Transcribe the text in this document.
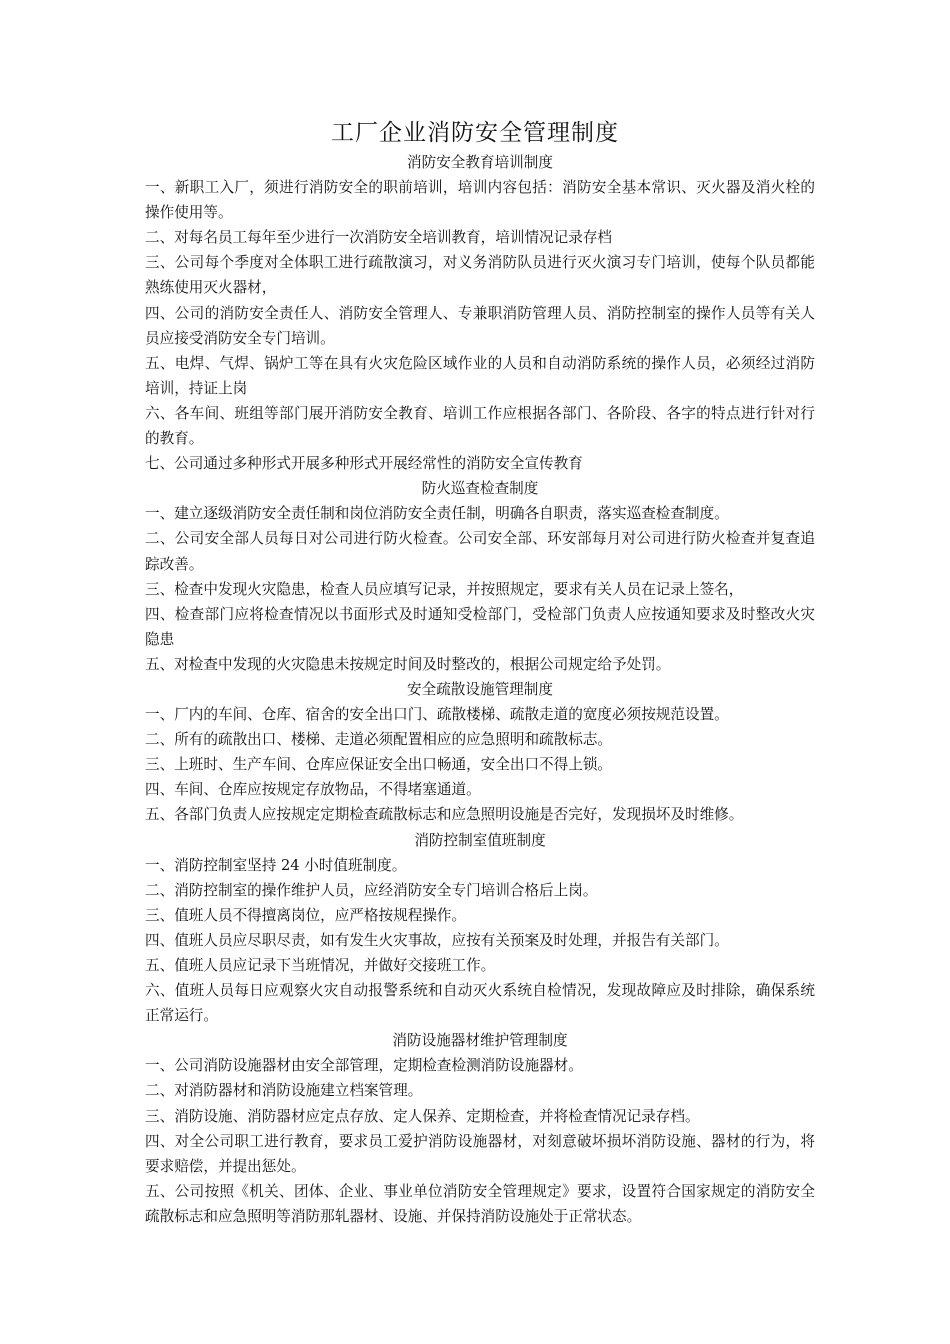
工厂企业消防安全管理制度

消防安全教育培训制度

一、新职工入厂，须进行消防安全的职前培训，培训内容包括：消防安全基本常识、灭火器及消火栓的操作使用等。

二、对每名员工每年至少进行一次消防安全培训教育，培训情况记录存档

三、公司每个季度对全体职工进行疏散演习，对义务消防队员进行灭火演习专门培训，使每个队员都能熟练使用灭火器材，

四、公司的消防安全责任人、消防安全管理人、专兼职消防管理人员、消防控制室的操作人员等有关人员应接受消防安全专门培训。

五、电焊、气焊、锅炉工等在具有火灾危险区域作业的人员和自动消防系统的操作人员，必须经过消防培训，持证上岗

六、各车间、班组等部门展开消防安全教育、培训工作应根据各部门、各阶段、各字的特点进行针对行的教育。

七、公司通过多种形式开展多种形式开展经常性的消防安全宣传教育

防火巡查检查制度

一、建立逐级消防安全责任制和岗位消防安全责任制，明确各自职责，落实巡查检查制度。

二、公司安全部人员每日对公司进行防火检查。公司安全部、环安部每月对公司进行防火检查并复查追踪改善。

三、检查中发现火灾隐患，检查人员应填写记录，并按照规定，要求有关人员在记录上签名，

四、检查部门应将检查情况以书面形式及时通知受检部门，受检部门负责人应按通知要求及时整改火灾隐患

五、对检查中发现的火灾隐患未按规定时间及时整改的，根据公司规定给予处罚。

安全疏散设施管理制度

一、厂内的车间、仓库、宿舍的安全出口门、疏散楼梯、疏散走道的宽度必须按规范设置。

二、所有的疏散出口、楼梯、走道必须配置相应的应急照明和疏散标志。

三、上班时、生产车间、仓库应保证安全出口畅通，安全出口不得上锁。

四、车间、仓库应按规定存放物品，不得堵塞通道。

五、各部门负责人应按规定定期检查疏散标志和应急照明设施是否完好，发现损坏及时维修。

消防控制室值班制度

一、消防控制室坚持 24 小时值班制度。

二、消防控制室的操作维护人员，应经消防安全专门培训合格后上岗。

三、值班人员不得擅离岗位，应严格按规程操作。

四、值班人员应尽职尽责，如有发生火灾事故，应按有关预案及时处理，并报告有关部门。

五、值班人员应记录下当班情况，并做好交接班工作。

六、值班人员每日应观察火灾自动报警系统和自动灭火系统自检情况，发现故障应及时排除，确保系统正常运行。

消防设施器材维护管理制度

一、公司消防设施器材由安全部管理，定期检查检测消防设施器材。

二、对消防器材和消防设施建立档案管理。

三、消防设施、消防器材应定点存放、定人保养、定期检查，并将检查情况记录存档。

四、对全公司职工进行教育，要求员工爱护消防设施器材，对刻意破坏损坏消防设施、器材的行为，将要求赔偿，并提出惩处。

五、公司按照《机关、团体、企业、事业单位消防安全管理规定》要求，设置符合国家规定的消防安全疏散标志和应急照明等消防那轧器材、设施、并保持消防设施处于正常状态。
